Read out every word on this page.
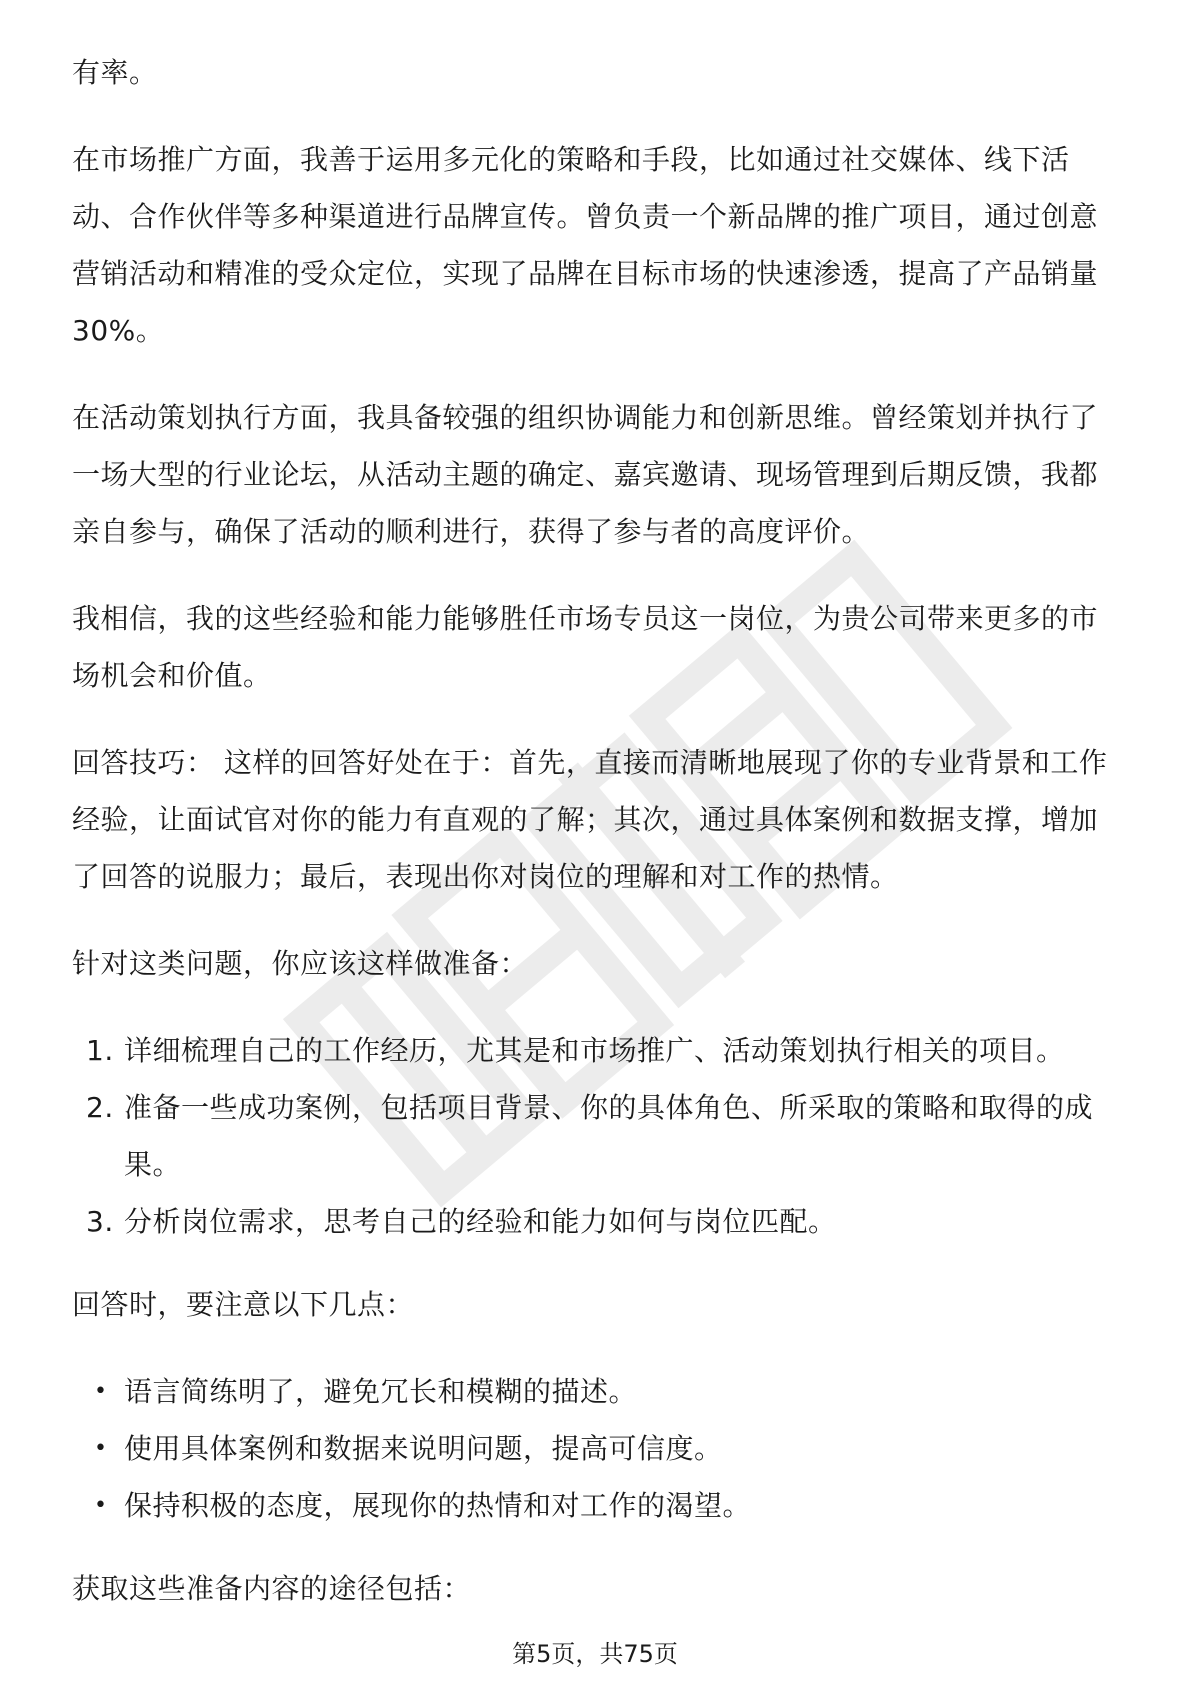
有率。

在市场推广方面，我善于运用多元化的策略和手段，比如通过社交媒体、线下活动、合作伙伴等多种渠道进行品牌宣传。曾负责一个新品牌的推广项目，通过创意营销活动和精准的受众定位，实现了品牌在目标市场的快速渗透，提高了产品销量30%。

在活动策划执行方面，我具备较强的组织协调能力和创新思维。曾经策划并执行了一场大型的行业论坛，从活动主题的确定、嘉宾邀请、现场管理到后期反馈，我都亲自参与，确保了活动的顺利进行，获得了参与者的高度评价。

我相信，我的这些经验和能力能够胜任市场专员这一岗位，为贵公司带来更多的市场机会和价值。

回答技巧： 这样的回答好处在于：首先，直接而清晰地展现了你的专业背景和工作经验，让面试官对你的能力有直观的了解；其次，通过具体案例和数据支撑，增加了回答的说服力；最后，表现出你对岗位的理解和对工作的热情。

针对这类问题，你应该这样做准备：

1. 详细梳理自己的工作经历，尤其是和市场推广、活动策划执行相关的项目。
2. 准备一些成功案例，包括项目背景、你的具体角色、所采取的策略和取得的成果。
3. 分析岗位需求，思考自己的经验和能力如何与岗位匹配。

回答时，要注意以下几点：

• 语言简练明了，避免冗长和模糊的描述。
• 使用具体案例和数据来说明问题，提高可信度。
• 保持积极的态度，展现你的热情和对工作的渴望。

获取这些准备内容的途径包括：

第5页，共75页
